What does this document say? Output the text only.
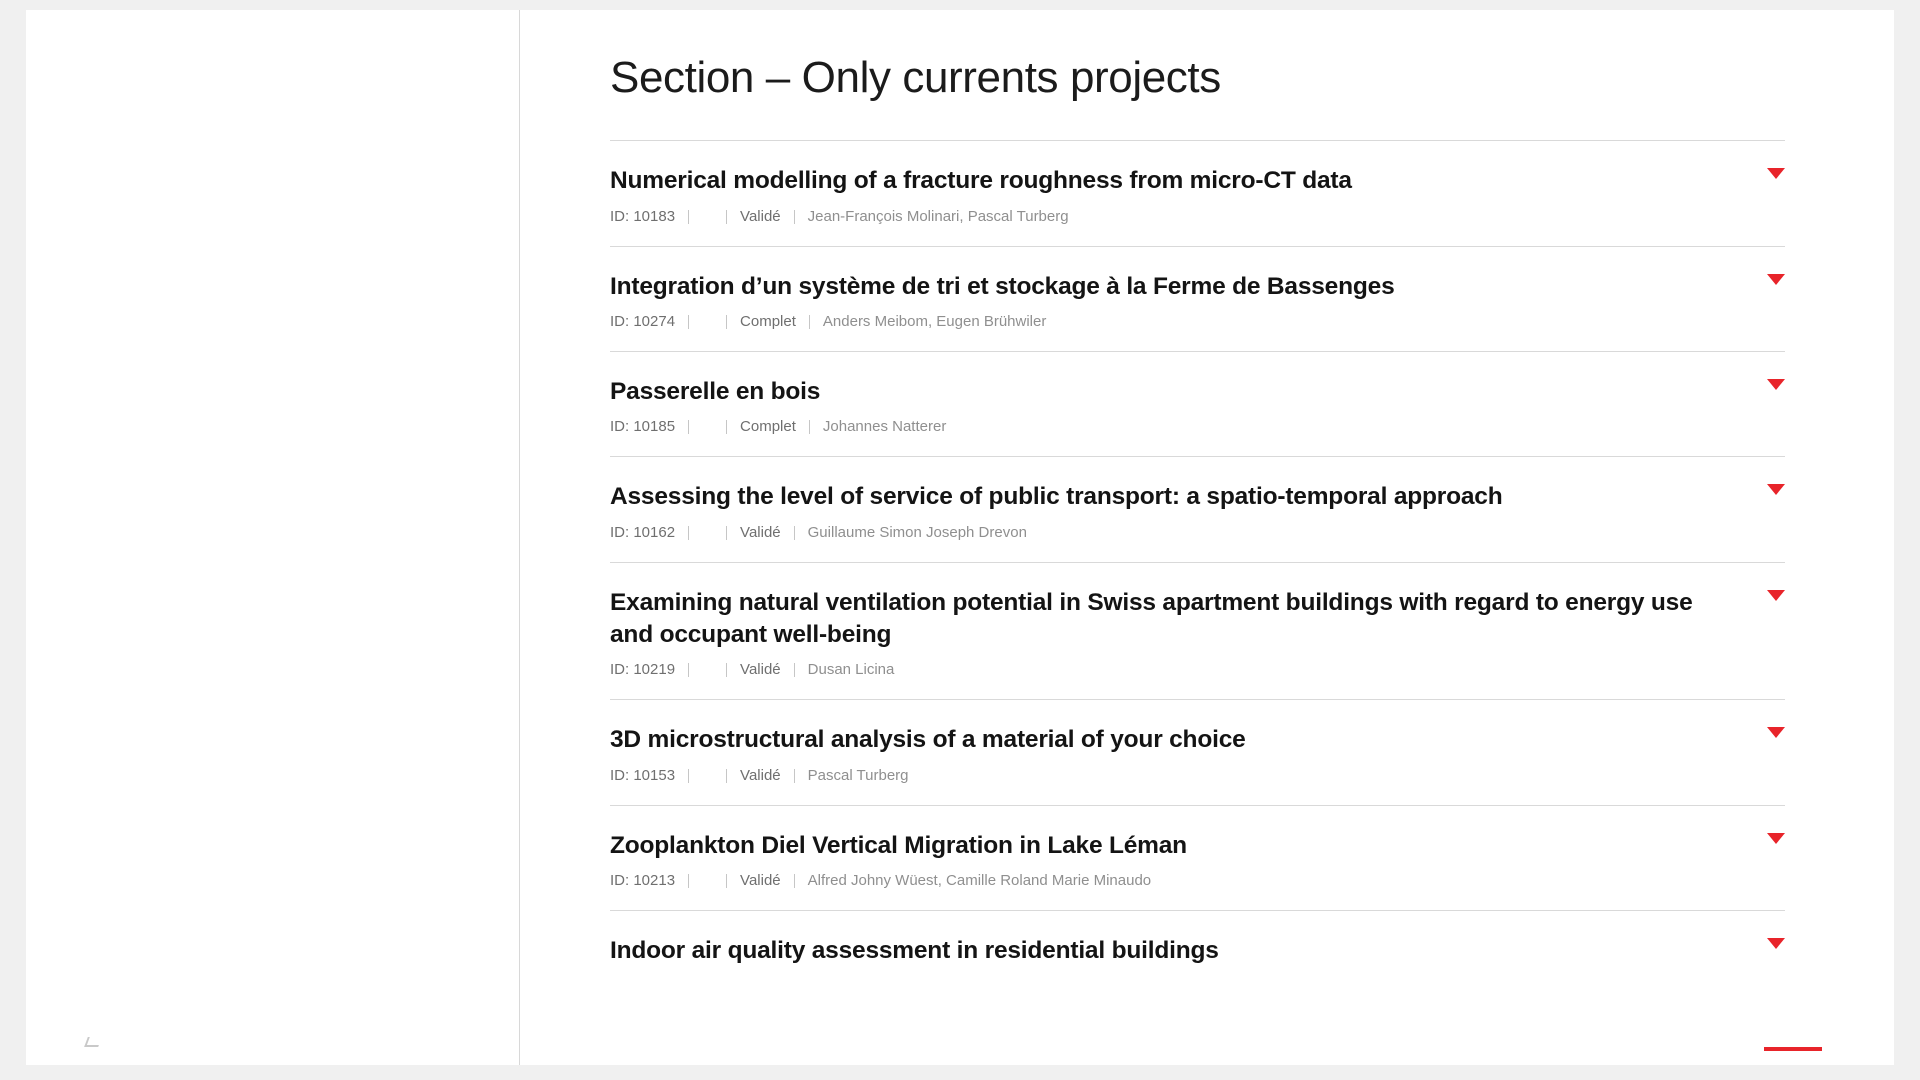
Section – Only currents projects
Numerical modelling of a fracture roughness from micro-CT data
ID: 10183	Validé Jean-François Molinari, Pascal Turberg
Integration d’un système de tri et stockage à la Ferme de Bassenges
ID: 10274	Complet Anders Meibom, Eugen Brühwiler
Passerelle en bois
ID: 10185	Complet Johannes Natterer
Assessing the level of service of public transport: a spatio-temporal approach
ID: 10162	Validé Guillaume Simon Joseph Drevon
Examining natural ventilation potential in Swiss apartment buildings with regard to energy use and occupant well-being
ID: 10219	Validé Dusan Licina
3D microstructural analysis of a material of your choice
ID: 10153	Validé Pascal Turberg
Zooplankton Diel Vertical Migration in Lake Léman
ID: 10213	Validé Alfred Johny Wüest, Camille Roland Marie Minaudo
Indoor air quality assessment in residential buildings
